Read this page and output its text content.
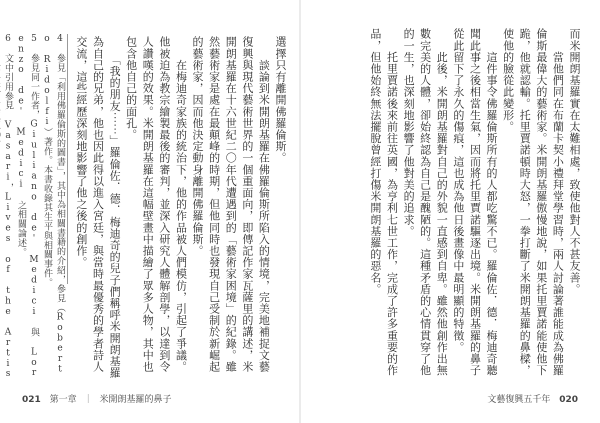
選擇只有離開佛羅倫斯。
　　談論到米開朗基羅在佛羅倫斯所陷入的情境，完美地補捉文藝復興與現代藝術世界的一個重面向，即傳記作家瓦薩里的講述，米開朗基羅在十六世紀二〇年代遭遇到的「藝術家困境」的紀錄。雖然藝術家是處在最顛峰的時期，但他同時也發現自己受制於新崛起的藝術家，因而他決定動身離開佛羅倫斯。
　　在梅迪奇家族的統治下，他的作品被人們模仿，引起了爭議。他被迫為教宗繪製最後的審判，並深入研究人體解剖學，以達到令人讚嘆的效果。米開朗基羅在這幅壁畫中描繪了眾多人物，其中也包含他自己的面孔。
　　「我的朋友⋯⋯」羅倫佐．德．梅迪奇的兒子們稱呼米開朗基羅為自己的兄弟，他也因此得以進入宮廷，與當時最優秀的學者詩人交流，這些經歷深刻地影響了他之後的創作。
4　參見「利用佛羅倫斯的圖書」，其中為相關書籍的介紹，參見（Roberto Ridolfi）著作。本書收錄其生平與相關事件。
5　參見同一作者，Giuliano de' Medici 與 Lorenzo de' Medici 之相關論述。
6　文中引用參見 Vasari，Lives of the Artis

而米開朗基羅實在太難相處，致使他對人不甚友善。
　　當他們同在布蘭卡契小禮拜堂學習時，兩人討論著誰能成為佛羅倫斯最偉大的藝術家。米開朗基羅傲慢地說，如果托里賈諾能使他下跪，他就認輸。托里賈諾頓時大怒，一拳打斷了米開朗基羅的鼻樑，使他的臉從此變形。
　　這件事令佛羅倫斯所有的人都吃驚不已。羅倫佐．德．梅迪奇聽聞此事之後相當生氣，因而將托里賈諾驅逐出境。米開朗基羅的鼻子從此留下了永久的傷痕，這也成為他日後畫像中最明顯的特徵。
　　此後，米開朗基羅對自己的外貌一直感到自卑。雖然他創作出無數完美的人體，卻始終認為自己是醜陋的。這種矛盾的心情貫穿了他的一生，也深刻地影響了他對美的追求。
　　托里賈諾後來前往英國，為亨利七世工作，完成了許多重要的作品，但他始終無法擺脫曾經打傷米開朗基羅的惡名。
021 第一章 ｜ 米開朗基羅的鼻子	文藝復興五千年 020
